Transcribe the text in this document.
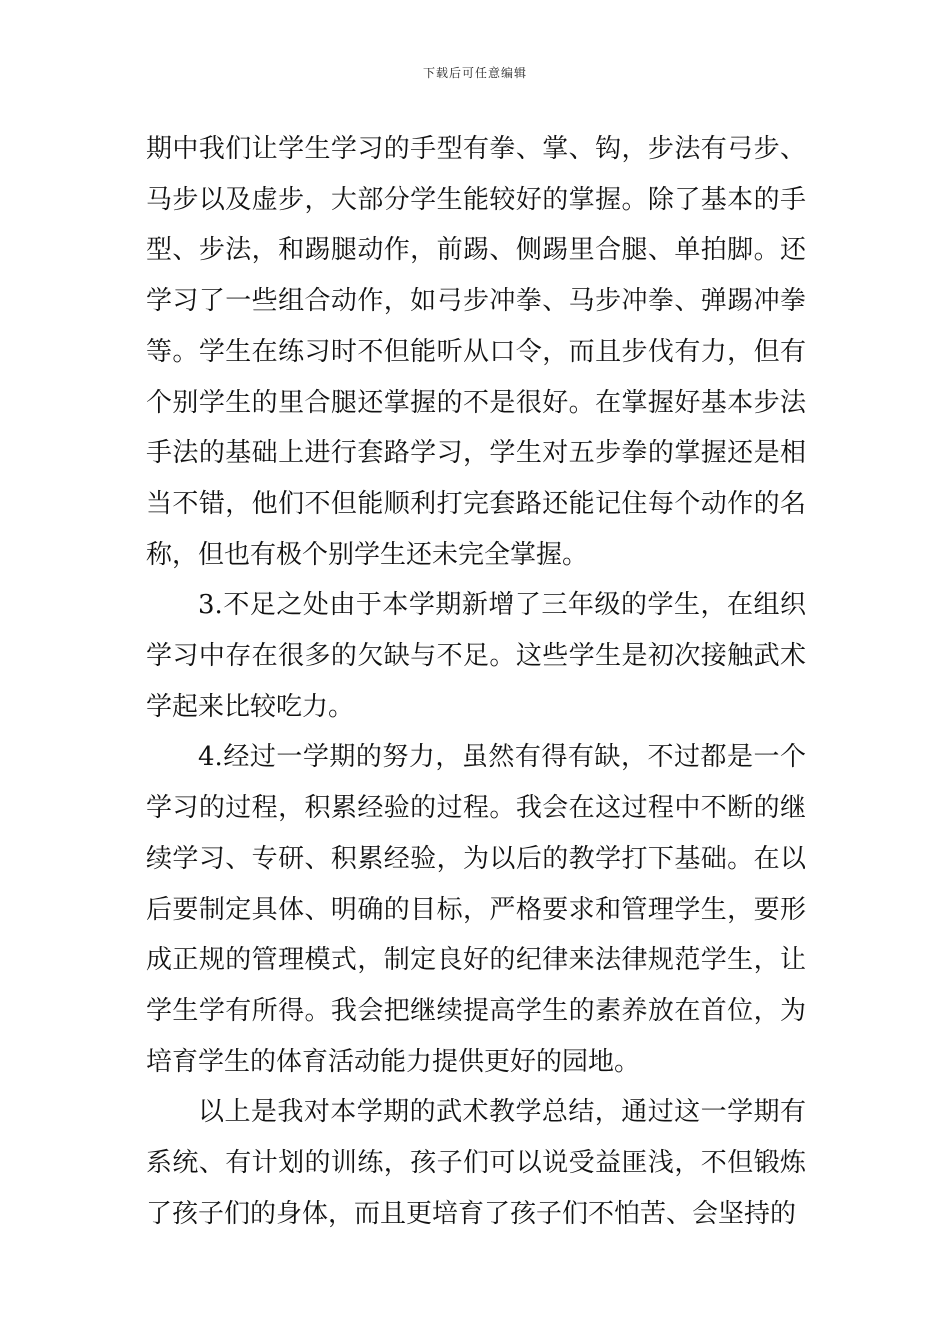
下载后可任意编辑

期中我们让学生学习的手型有拳、掌、钩，步法有弓步、马步以及虚步，大部分学生能较好的掌握。除了基本的手型、步法，和踢腿动作，前踢、侧踢里合腿、单拍脚。还学习了一些组合动作，如弓步冲拳、马步冲拳、弹踢冲拳等。学生在练习时不但能听从口令，而且步伐有力，但有个别学生的里合腿还掌握的不是很好。在掌握好基本步法手法的基础上进行套路学习，学生对五步拳的掌握还是相当不错，他们不但能顺利打完套路还能记住每个动作的名称，但也有极个别学生还未完全掌握。

3.不足之处由于本学期新增了三年级的学生，在组织学习中存在很多的欠缺与不足。这些学生是初次接触武术学起来比较吃力。

4.经过一学期的努力，虽然有得有缺，不过都是一个学习的过程，积累经验的过程。我会在这过程中不断的继续学习、专研、积累经验，为以后的教学打下基础。在以后要制定具体、明确的目标，严格要求和管理学生，要形成正规的管理模式，制定良好的纪律来法律规范学生，让学生学有所得。我会把继续提高学生的素养放在首位，为培育学生的体育活动能力提供更好的园地。

以上是我对本学期的武术教学总结，通过这一学期有系统、有计划的训练，孩子们可以说受益匪浅，不但锻炼了孩子们的身体，而且更培育了孩子们不怕苦、会坚持的
